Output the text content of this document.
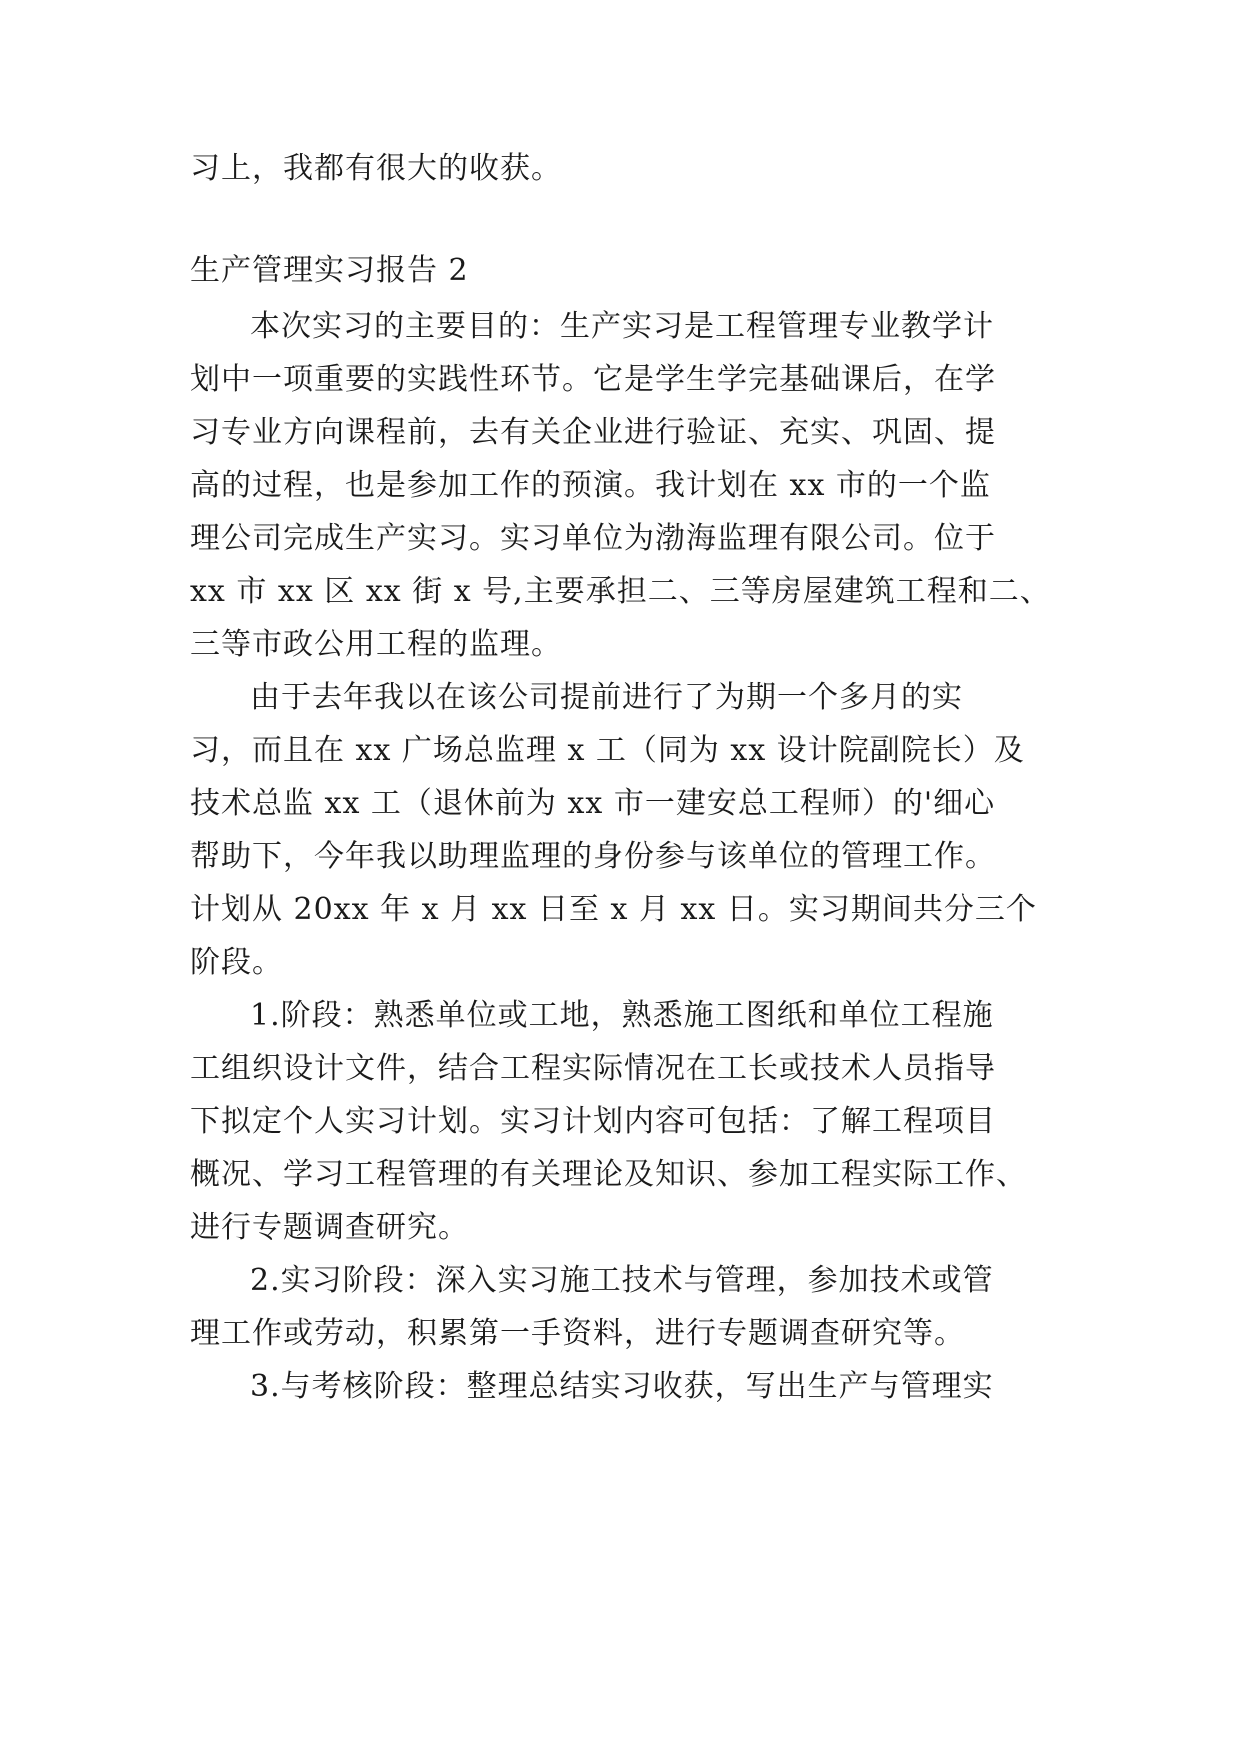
习上，我都有很大的收获。
生产管理实习报告 2
本次实习的主要目的：生产实习是工程管理专业教学计
划中一项重要的实践性环节。它是学生学完基础课后，在学
习专业方向课程前，去有关企业进行验证、充实、巩固、提
高的过程，也是参加工作的预演。我计划在 xx 市的一个监
理公司完成生产实习。实习单位为渤海监理有限公司。位于
xx 市 xx 区 xx 街 x 号,主要承担二、三等房屋建筑工程和二、
三等市政公用工程的监理。
由于去年我以在该公司提前进行了为期一个多月的实
习，而且在 xx 广场总监理 x 工（同为 xx 设计院副院长）及
技术总监 xx 工（退休前为 xx 市一建安总工程师）的'细心
帮助下，今年我以助理监理的身份参与该单位的管理工作。
计划从 20xx 年 x 月 xx 日至 x 月 xx 日。实习期间共分三个
阶段。
1.阶段：熟悉单位或工地，熟悉施工图纸和单位工程施
工组织设计文件，结合工程实际情况在工长或技术人员指导
下拟定个人实习计划。实习计划内容可包括：了解工程项目
概况、学习工程管理的有关理论及知识、参加工程实际工作、
进行专题调查研究。
2.实习阶段：深入实习施工技术与管理，参加技术或管
理工作或劳动，积累第一手资料，进行专题调查研究等。
3.与考核阶段：整理总结实习收获，写出生产与管理实
